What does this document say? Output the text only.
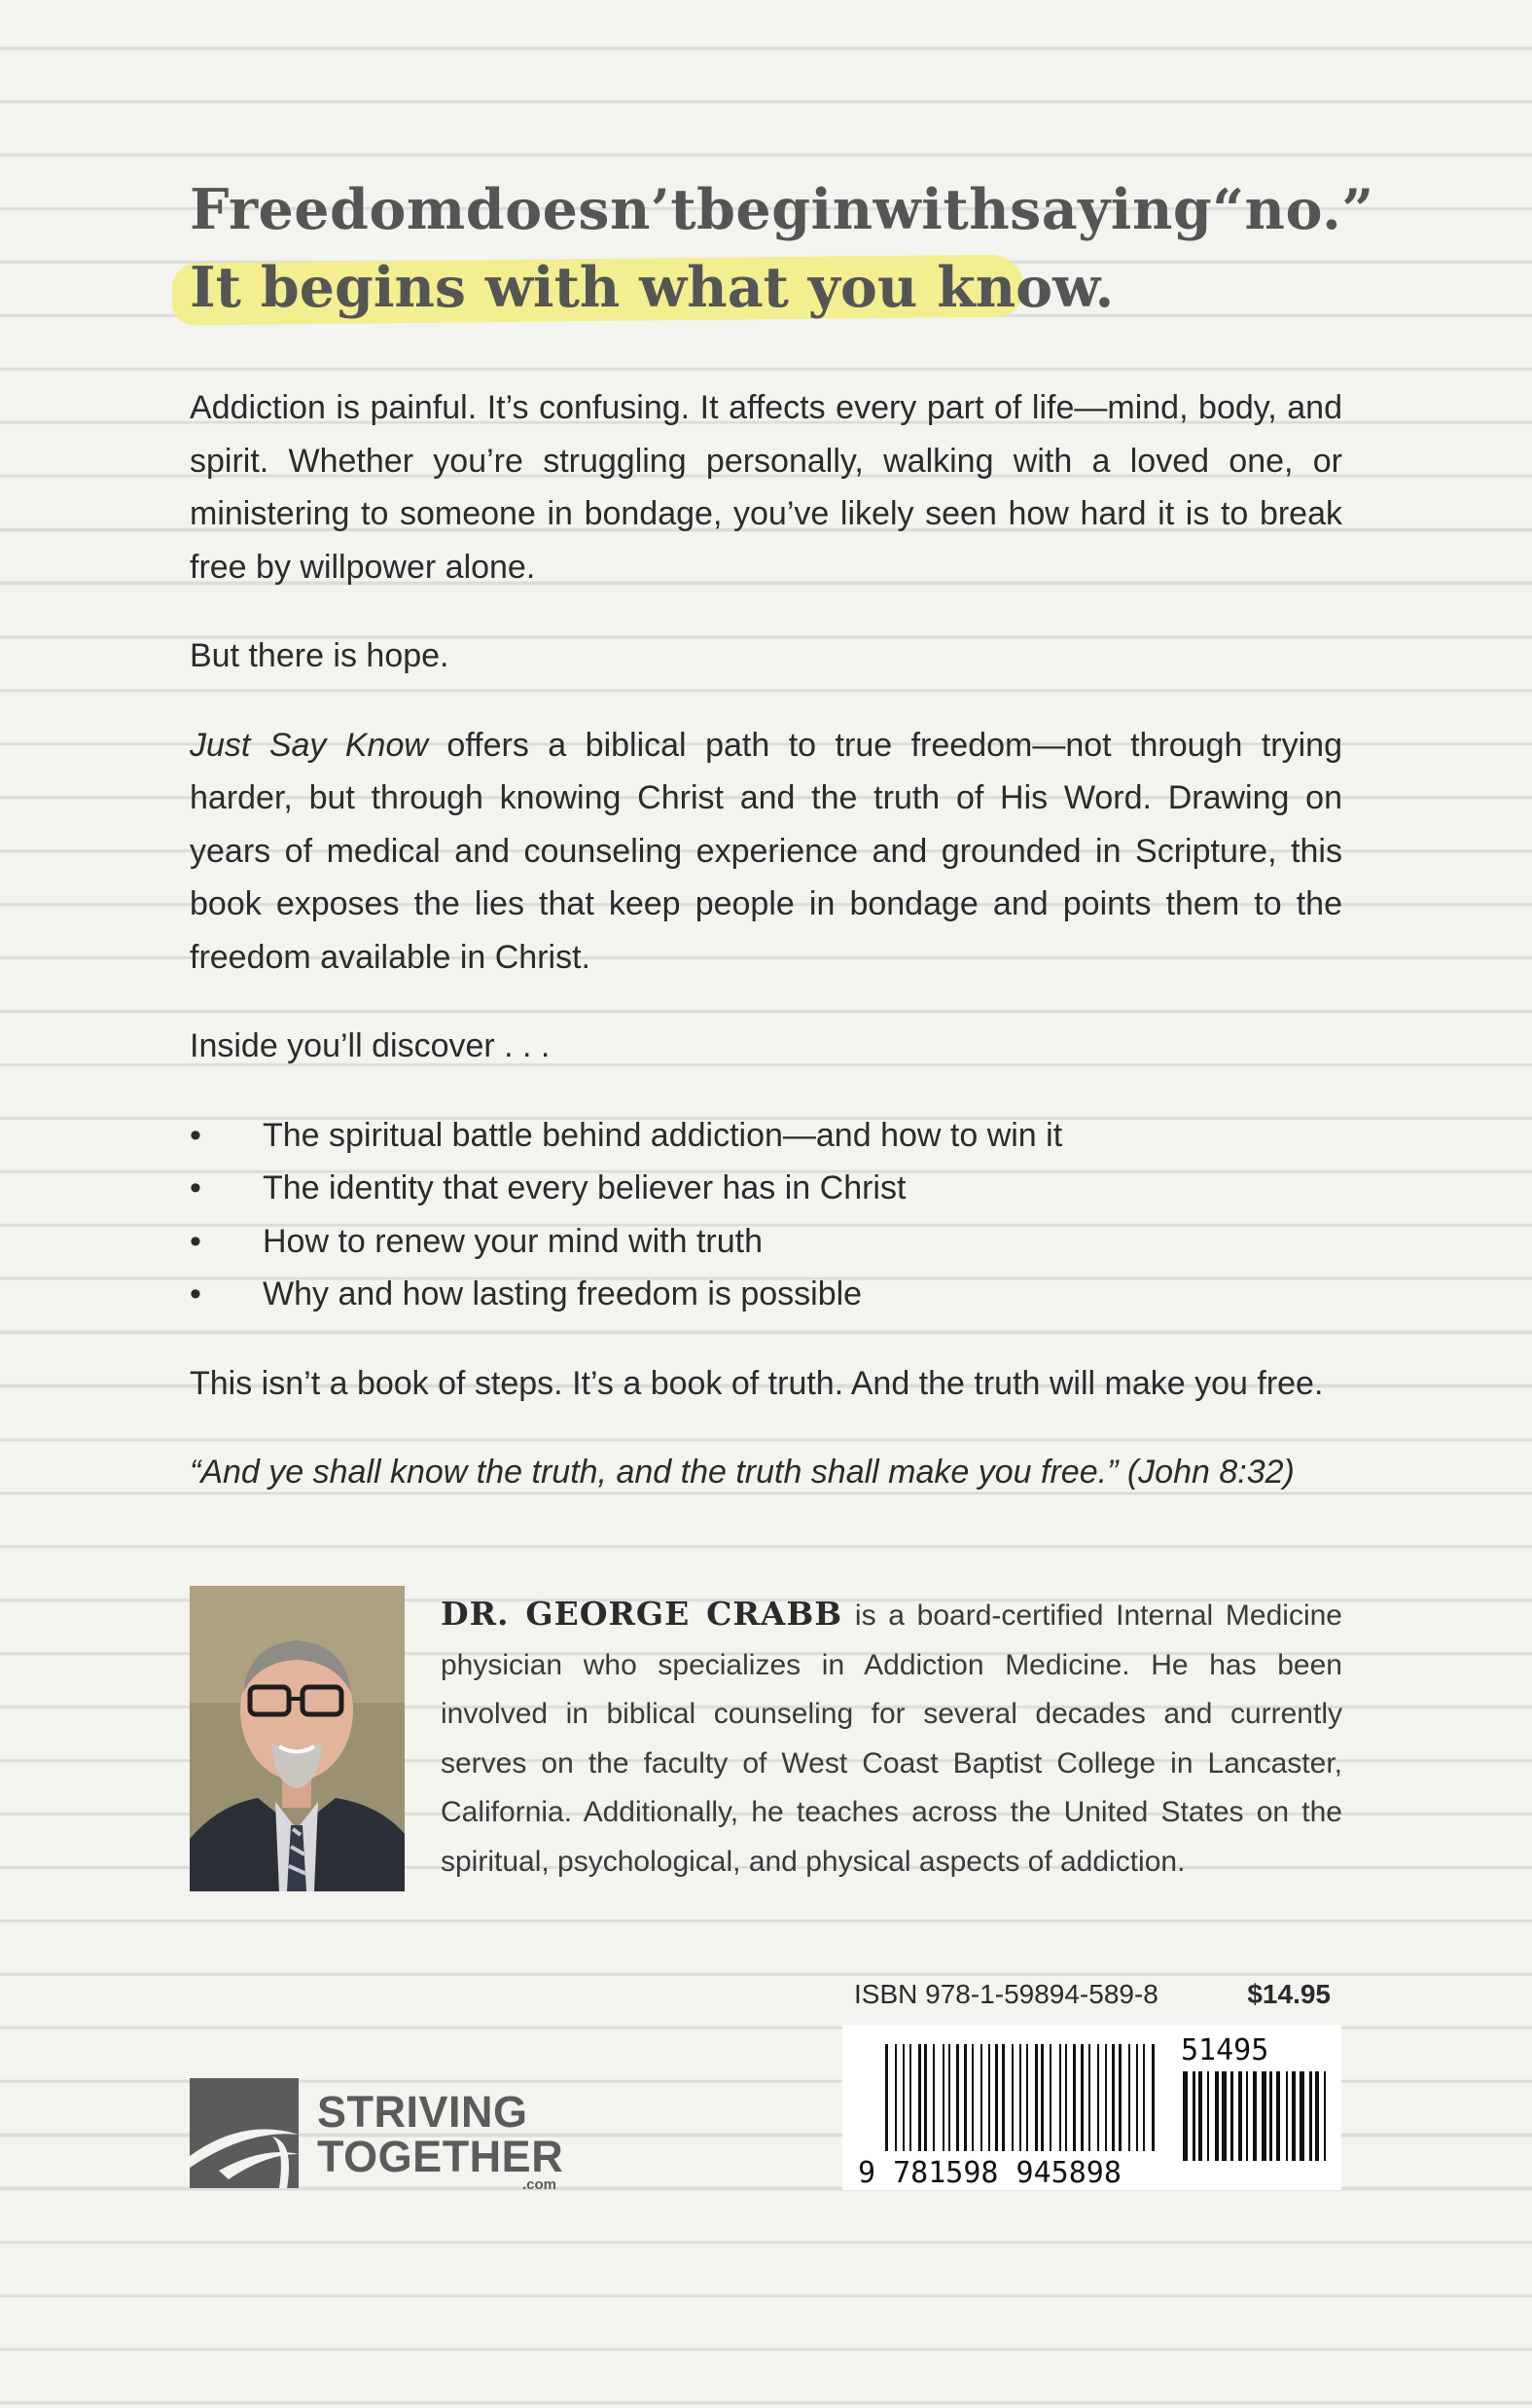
Freedom doesn’t begin with saying “no.”
It begins with what you know.

Addiction is painful. It’s confusing. It affects every part of life—mind, body, and spirit. Whether you’re struggling personally, walking with a loved one, or ministering to someone in bondage, you’ve likely seen how hard it is to break free by willpower alone.

But there is hope.

Just Say Know offers a biblical path to true freedom—not through trying harder, but through knowing Christ and the truth of His Word. Drawing on years of medical and counseling experience and grounded in Scripture, this book exposes the lies that keep people in bondage and points them to the freedom available in Christ.

Inside you’ll discover . . .

• The spiritual battle behind addiction—and how to win it
• The identity that every believer has in Christ
• How to renew your mind with truth
• Why and how lasting freedom is possible

This isn’t a book of steps. It’s a book of truth. And the truth will make you free.

“And ye shall know the truth, and the truth shall make you free.” (John 8:32)

DR. GEORGE CRABB is a board-certified Internal Medicine physician who specializes in Addiction Medicine. He has been involved in biblical counseling for several decades and currently serves on the faculty of West Coast Baptist College in Lancaster, California. Additionally, he teaches across the United States on the spiritual, psychological, and physical aspects of addiction.
ISBN 978-1-59894-589-8	$14.95
9 781598 945898
51495
STRIVING
TOGETHER
.com
